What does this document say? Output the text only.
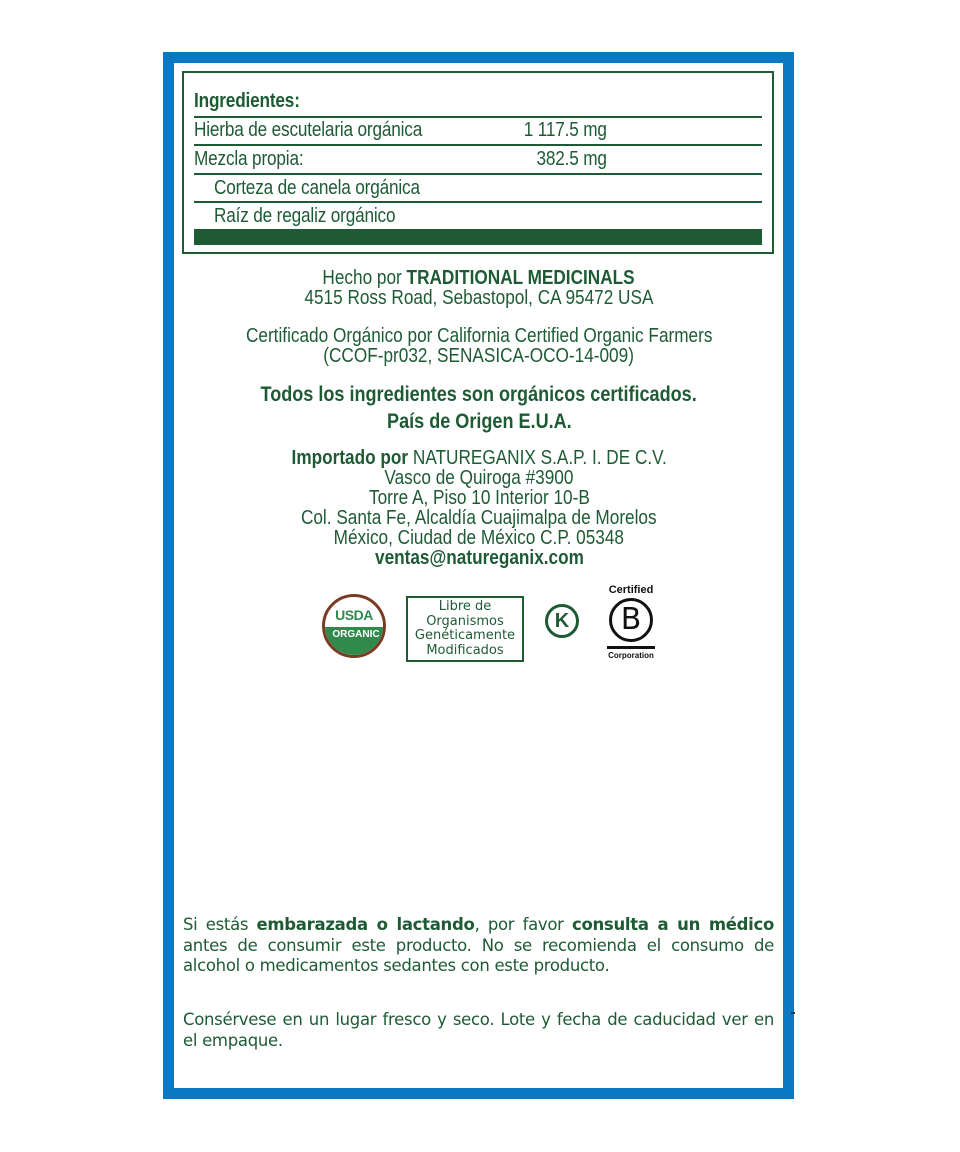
Ingredientes:
Hierba de escutelaria orgánica	1 117.5 mg
Mezcla propia:	382.5 mg
Corteza de canela orgánica
Raíz de regaliz orgánico
Hecho por TRADITIONAL MEDICINALS
4515 Ross Road, Sebastopol, CA 95472 USA
Certificado Orgánico por California Certified Organic Farmers
(CCOF-pr032, SENASICA-OCO-14-009)
Todos los ingredientes son orgánicos certificados.
País de Origen E.U.A.
Importado por NATUREGANIX S.A.P. I. DE C.V.
Vasco de Quiroga #3900
Torre A, Piso 10 Interior 10-B
Col. Santa Fe, Alcaldía Cuajimalpa de Morelos
México, Ciudad de México C.P. 05348
ventas@natureganix.com
USDA
ORGANIC
Libre de
Organismos
Genéticamente
Modificados
K
Certified
B
Corporation
Si estás embarazada o lactando, por favor consulta a un médico antes de consumir este producto. No se recomienda el consumo de alcohol o medicamentos sedantes con este producto.
Consérvese en un lugar fresco y seco. Lote y fecha de caducidad ver en el empaque.
